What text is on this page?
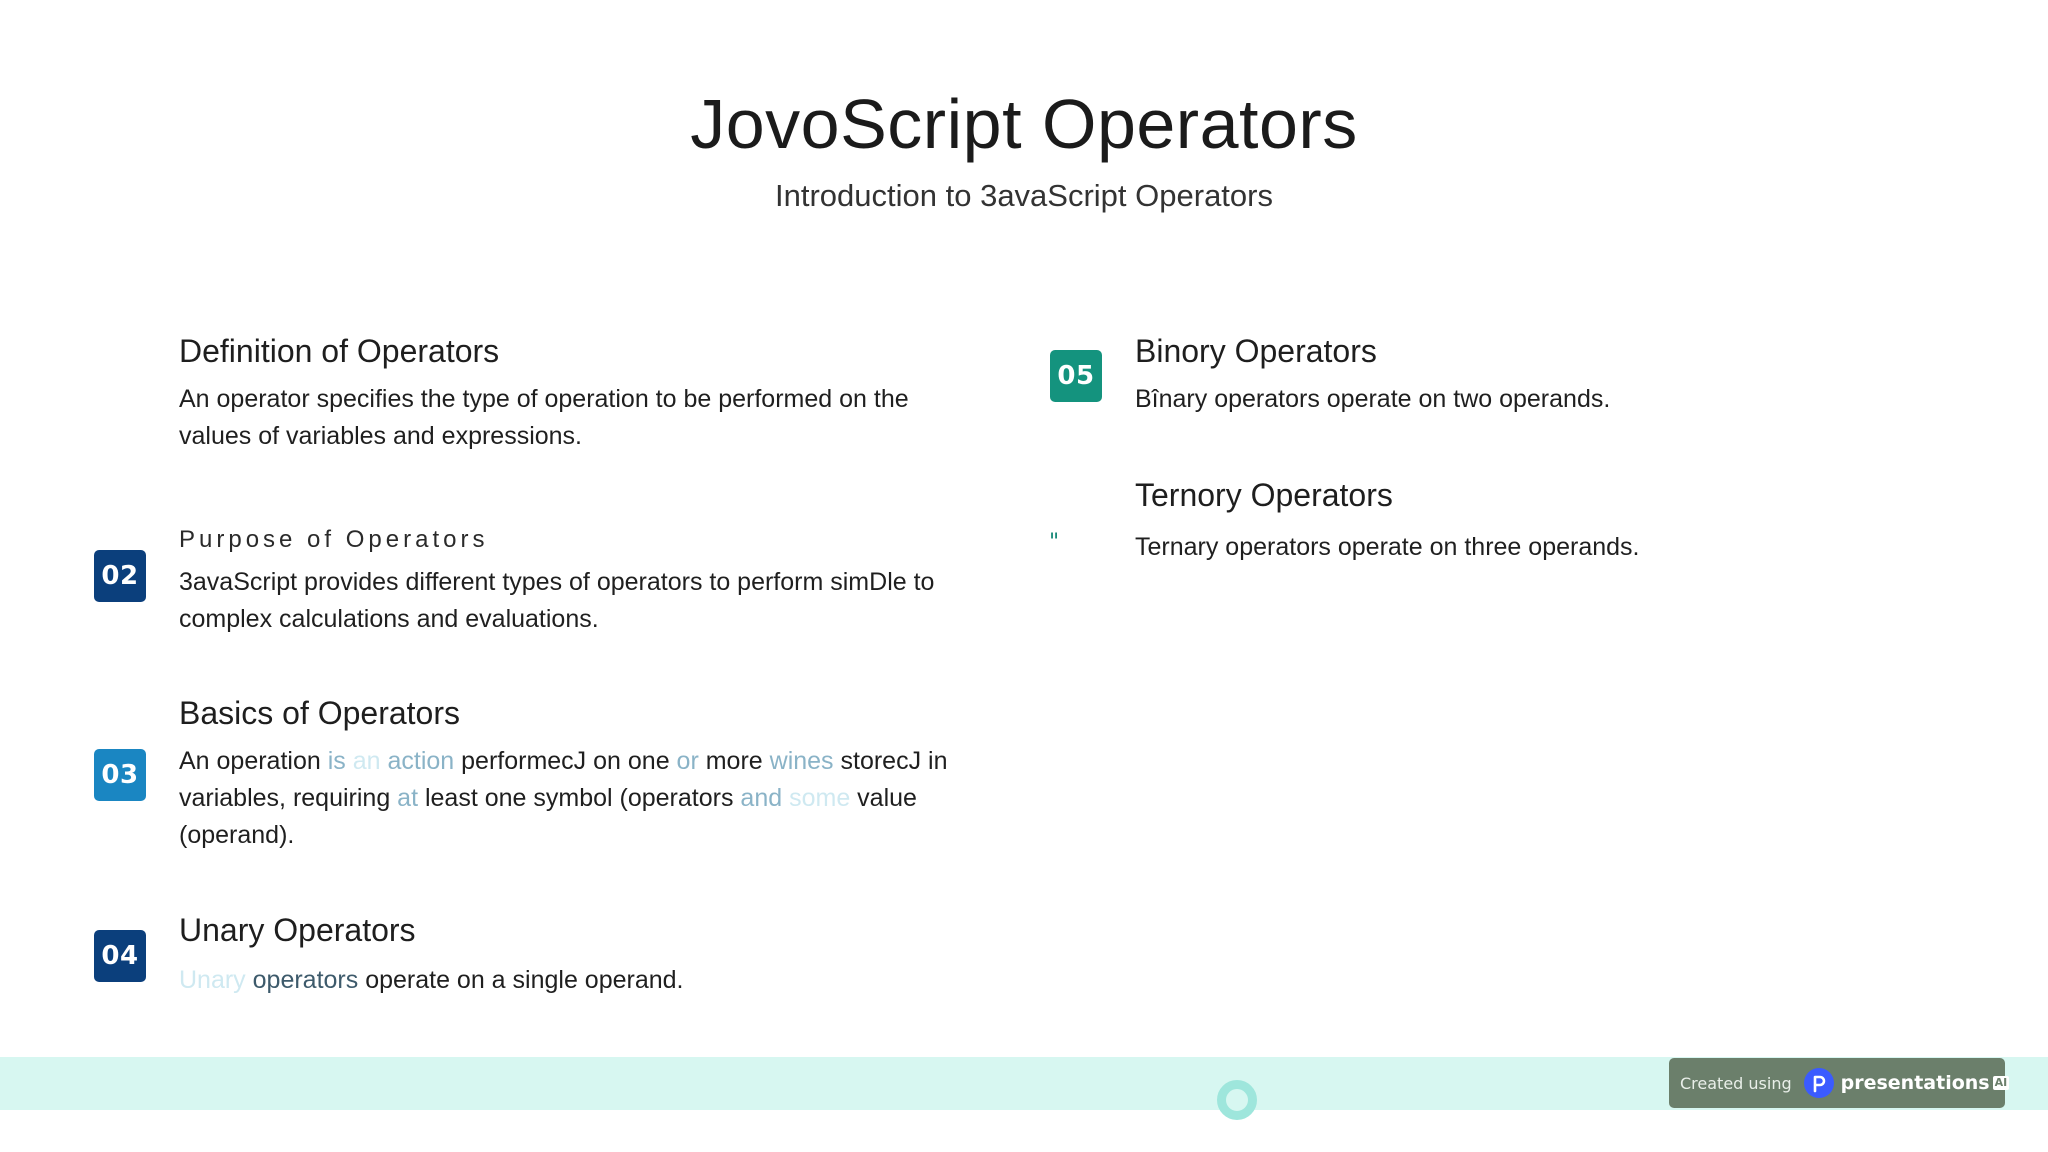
JovoScript Operators
Introduction to 3avaScript Operators
Definition of Operators
An operator specifies the type of operation to be performed on the values of variables and expressions.
02
Purpose of Operators
3avaScript provides different types of operators to perform simDle to complex calculations and evaluations.
03
Basics of Operators
An operation is an action performecJ on one or more wines storecJ in variables, requiring at least one symbol (operators and some value (operand).
04
Unary Operators
Unary operators operate on a single operand.
05
Binory Operators
Bînary operators operate on two operands.
"
Ternory Operators
Ternary operators operate on three operands.
Created using	presentations AI
